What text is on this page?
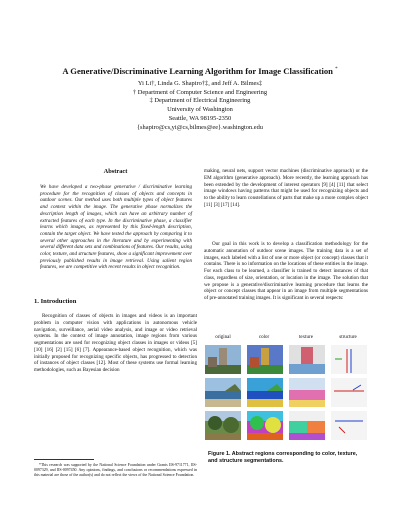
A Generative/Discriminative Learning Algorithm for Image Classification *
Yi Li†, Linda G. Shapiro†‡, and Jeff A. Bilmes‡
† Department of Computer Science and Engineering
‡ Department of Electrical Engineering
University of Washington
Seattle, WA 98195-2350
{shapiro@cs,yi@cs,bilmes@ee}.washington.edu
Abstract
We have developed a two-phase generative / discriminative learning procedure for the recognition of classes of objects and concepts in outdoor scenes. Our method uses both multiple types of object features and context within the image. The generative phase normalizes the description length of images, which can have an arbitrary number of extracted features of each type. In the discriminative phase, a classifier learns which images, as represented by this fixed-length description, contain the target object. We have tested the approach by comparing it to several other approaches in the literature and by experimenting with several different data sets and combinations of features. Our results, using color, texture, and structure features, show a significant improvement over previously published results in image retrieval. Using salient region features, we are competitive with recent results in object recognition.
1. Introduction
Recognition of classes of objects in images and videos is an important problem in computer vision with applications in autonomous vehicle navigation, surveillance, aerial video analysis, and image or video retrieval systems. In the context of image annotation, image regions from various segmentations are used for recognizing object classes in images or videos [5] [10] [16] [2] [15] [6] [7]. Appearance-based object recognition, which was initially proposed for recognizing specific objects, has progressed to detection of instances of object classes [12]. Most of these systems use formal learning methodologies, such as Bayesian decision
*This research was supported by the National Science Foundation under Grants IIS-9711771, IIS-0097329, and IIS-0097450. Any opinions, findings, and conclusions or recommendations expressed in this material are those of the author(s) and do not reflect the views of the National Science Foundation.
making, neural nets, support vector machines (discriminative approach) or the EM algorithm (generative approach). More recently, the learning approach has been extended by the development of interest operators [9] [4] [11] that select image windows having patterns that might be used for recognizing objects and to the ability to learn constellations of parts that make up a more complex object [11] [3] [17] [14].
Our goal in this work is to develop a classification methodology for the automatic annotation of outdoor scene images. The training data is a set of images, each labeled with a list of one or more object (or concept) classes that it contains. There is no information on the locations of these entities in the image. For each class to be learned, a classifier is trained to detect instances of that class, regardless of size, orientation, or location in the image. The solution that we propose is a generative/discriminative learning procedure that learns the object or concept classes that appear in an image from multiple segmentations of pre-annotated training images. It is significant in several respects:
original	color	texture	structure
Figure 1. Abstract regions corresponding to color, texture, and structure segmentations.
